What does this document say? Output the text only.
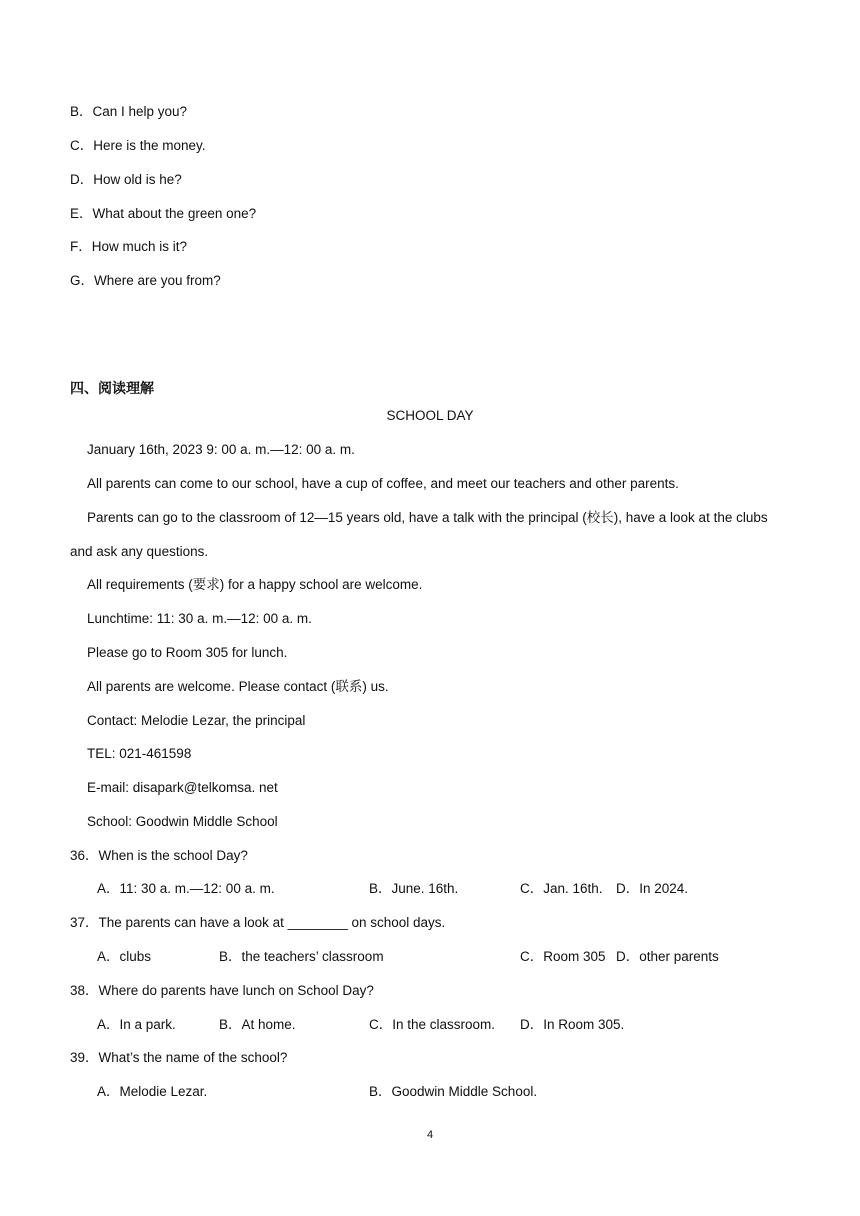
B．Can I help you?
C．Here is the money.
D．How old is he?
E．What about the green one?
F．How much is it?
G．Where are you from?
四、阅读理解
SCHOOL DAY
January 16th, 2023 9: 00 a. m.—12: 00 a. m.
All parents can come to our school, have a cup of coffee, and meet our teachers and other parents.
Parents can go to the classroom of 12—15 years old, have a talk with the principal (校长), have a look at the clubs
and ask any questions.
All requirements (要求) for a happy school are welcome.
Lunchtime: 11: 30 a. m.—12: 00 a. m.
Please go to Room 305 for lunch.
All parents are welcome. Please contact (联系) us.
Contact: Melodie Lezar, the principal
TEL: 021-461598
E-mail: disapark@telkomsa. net
School: Goodwin Middle School
36．When is the school Day?
A．11: 30 a. m.—12: 00 a. m.	B．June. 16th.	C．Jan. 16th. D．In 2024.
37．The parents can have a look at ________ on school days.
A．clubs	B．the teachers’ classroom	C．Room 305 D．other parents
38．Where do parents have lunch on School Day?
A．In a park.	B．At home.	C．In the classroom. D．In Room 305.
39．What’s the name of the school?
A．Melodie Lezar.	B．Goodwin Middle School.
4
